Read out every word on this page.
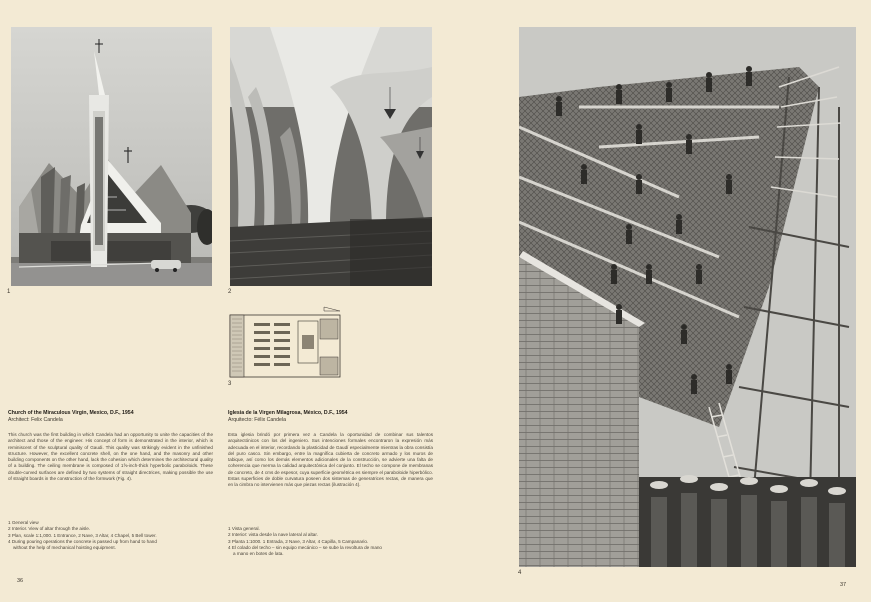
1	2
3
Church of the Miraculous Virgin, Mexico, D.F., 1954
Architect: Felix Candela
This church was the first building in which Candela had an opportunity to unite the capacities of the architect and those of the engineer. His concept of form is demonstrated in the interior, which is reminiscent of the sculptural quality of Gaudi. This quality was strikingly evident in the unfinished structure. However, the excellent concrete shell, on the one hand, and the masonry and other building components on the other hand, lack the cohesion which determines the architectural quality of a building. The ceiling membrane is composed of 1⅝-inch-thick hyperbolic paraboloids. These double-curved surfaces are defined by two systems of straight directrices, making possible the use of straight boards in the construction of the formwork (Fig. 4).
1 General view
2 Interior. View of altar through the aisle.
3 Plan, scale 1:1,000. 1 Entrance, 2 Nave, 3 Altar, 4 Chapel, 5 Bell tower.
4 During pouring operations the concrete is passed up from hand to hand
without the help of mechanical hoisting equipment.
Iglesia de la Virgen Milagrosa, México, D.F., 1954
Arquitecto: Félix Candela
Esta iglesia brindó por primera vez a Candela la oportunidad de combinar sus talentos arquitectónicos con los del ingeniero. Sus intenciones formales encontraron la expresión más adecuada en el interior, recordando la plasticidad de Gaudí especialmente mientras la obra consistía del puro casco. Sin embargo, entre la magnífica cubierta de concreto armado y los muros de tabique, así como los demás elementos adicionales de la construcción, se advierte una falta de coherencia que merma la calidad arquitectónica del conjunto. El techo se compone de membranas de concreto, de 4 cms de espesor, cuya superficie geométrica es siempre el paraboloide hiperbólico. Estas superficies de doble curvatura poseen dos sistemas de generatrices rectas, de manera que en la cimbra no intervienen más que piezas rectas (ilustración 4).
1 Vista general.
2 Interior: vista desde la nave lateral al altar.
3 Planta 1:1000. 1 Entrada, 2 Nave, 3 Altar, 4 Capilla, 5 Campanario.
4 El colado del techo – sin equipo mecánico – se sube la revoltura de mano
a mano en botes de lata.
4
36
37
